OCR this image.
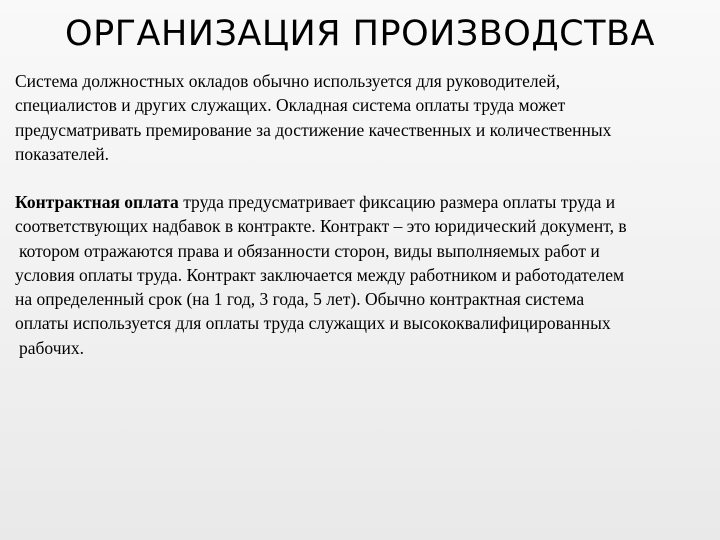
ОРГАНИЗАЦИЯ ПРОИЗВОДСТВА
Система должностных окладов обычно используется для руководителей,
специалистов и других служащих. Окладная система оплаты труда может
предусматривать премирование за достижение качественных и количественных
показателей.
Контрактная оплата труда предусматривает фиксацию размера оплаты труда и
соответствующих надбавок в контракте. Контракт – это юридический документ, в
котором отражаются права и обязанности сторон, виды выполняемых работ и
условия оплаты труда. Контракт заключается между работником и работодателем
на определенный срок (на 1 год, 3 года, 5 лет). Обычно контрактная система
оплаты используется для оплаты труда служащих и высококвалифицированных
рабочих.
